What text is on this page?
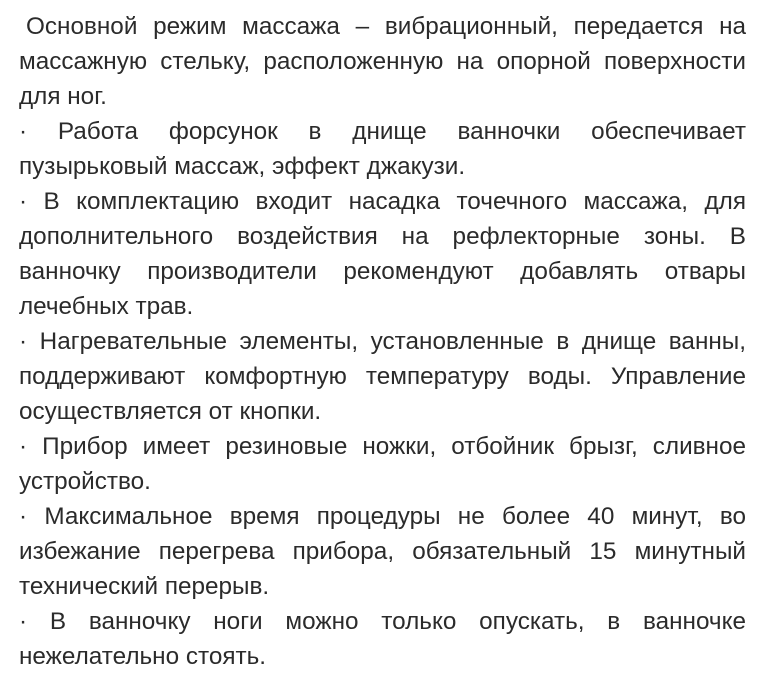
Основной режим массажа – вибрационный, передается на массажную стельку, расположенную на опорной поверхности для ног.

· Работа форсунок в днище ванночки обеспечивает пузырьковый массаж, эффект джакузи.

· В комплектацию входит насадка точечного массажа, для дополнительного воздействия на рефлекторные зоны. В ванночку производители рекомендуют добавлять отвары лечебных трав.

· Нагревательные элементы, установленные в днище ванны, поддерживают комфортную температуру воды. Управление осуществляется от кнопки.

· Прибор имеет резиновые ножки, отбойник брызг, сливное устройство.

· Максимальное время процедуры не более 40 минут, во избежание перегрева прибора, обязательный 15 минутный технический перерыв.

· В ванночку ноги можно только опускать, в ванночке нежелательно стоять.
